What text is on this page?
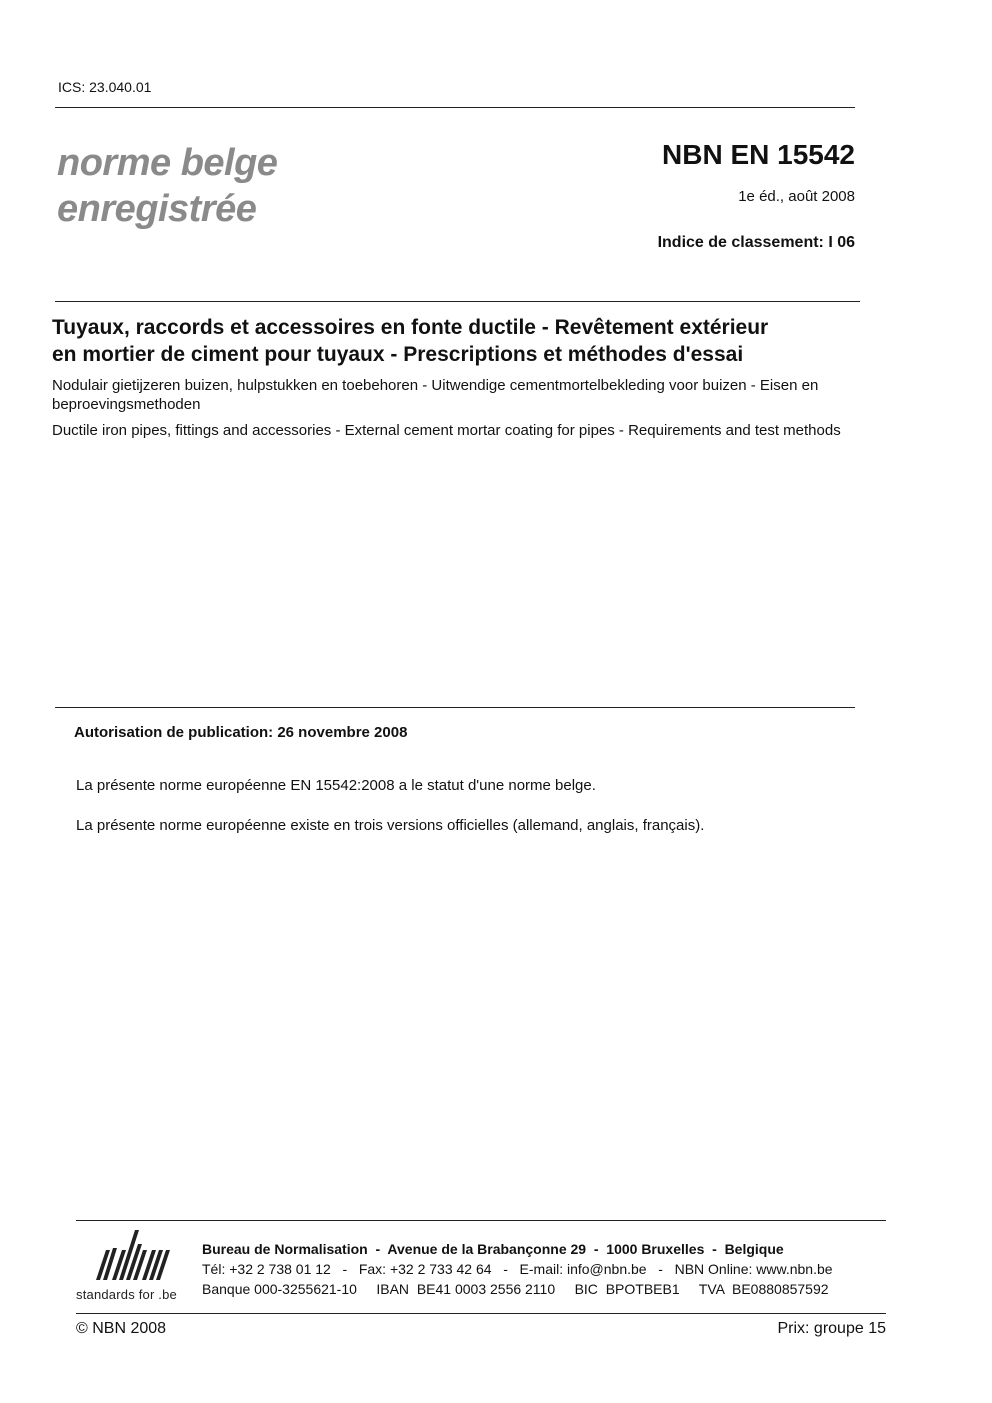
ICS: 23.040.01
norme belge
enregistrée
NBN EN 15542
1e éd., août 2008
Indice de classement: I 06
Tuyaux, raccords et accessoires en fonte ductile - Revêtement extérieur
en mortier de ciment pour tuyaux - Prescriptions et méthodes d'essai
Nodulair gietijzeren buizen, hulpstukken en toebehoren - Uitwendige cementmortelbekleding voor buizen - Eisen en beproevingsmethoden
Ductile iron pipes, fittings and accessories - External cement mortar coating for pipes - Requirements and test methods
Autorisation de publication: 26 novembre 2008
La présente norme européenne EN 15542:2008 a le statut d'une norme belge.
La présente norme européenne existe en trois versions officielles (allemand, anglais, français).
standards for .be
Bureau de Normalisation  -  Avenue de la Brabançonne 29  -  1000 Bruxelles  -  Belgique
Tél: +32 2 738 01 12   -   Fax: +32 2 733 42 64   -   E-mail: info@nbn.be   -   NBN Online: www.nbn.be
Banque 000-3255621-10     IBAN  BE41 0003 2556 2110     BIC  BPOTBEB1     TVA  BE0880857592
© NBN 2008	Prix: groupe 15
